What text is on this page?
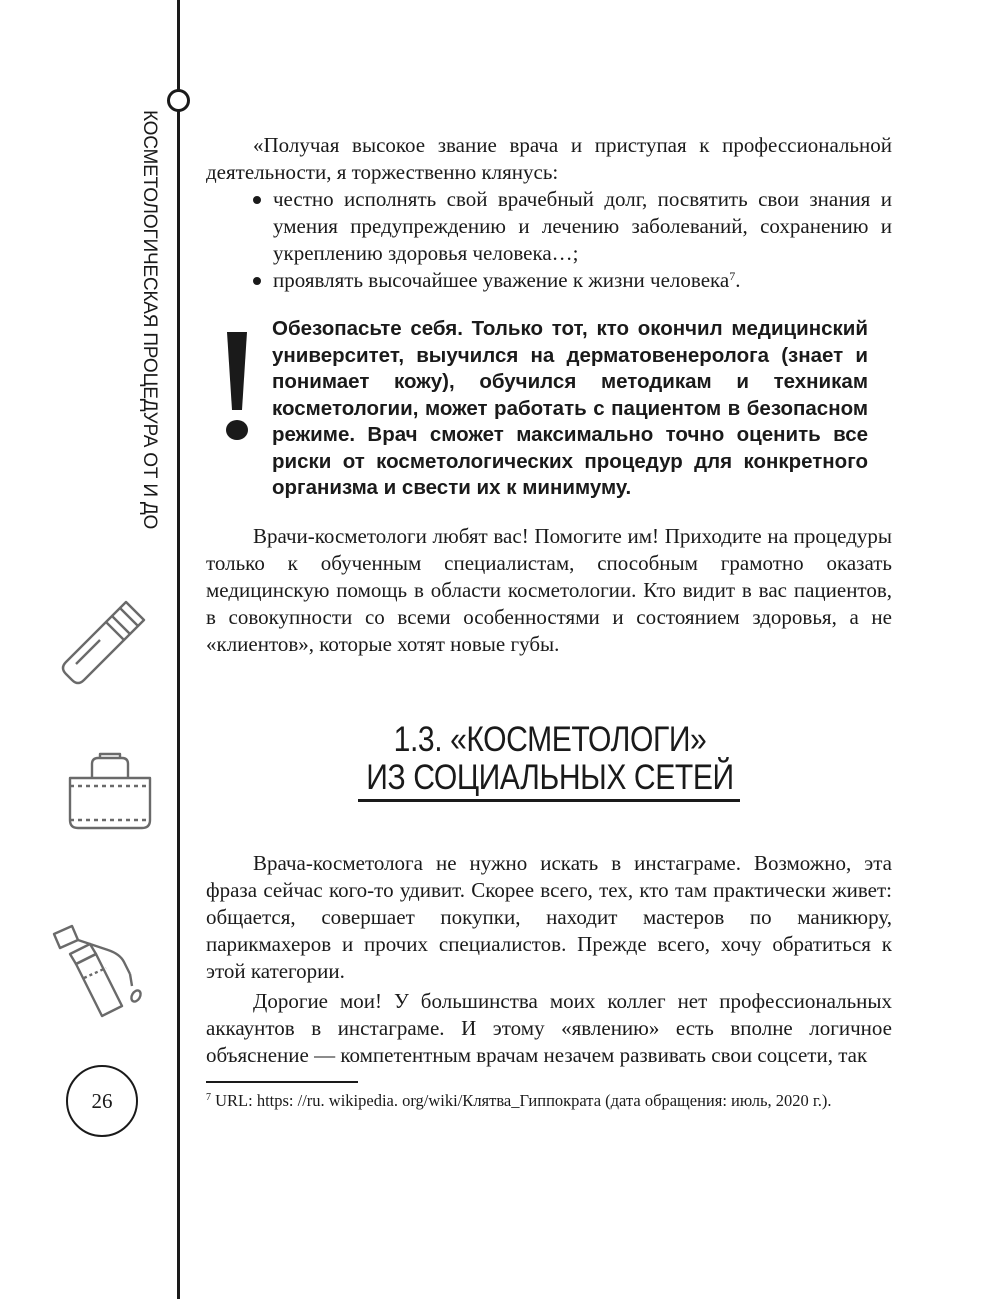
КОСМЕТОЛОГИЧЕСКАЯ ПРОЦЕДУРА ОТ И ДО
26
«Получая высокое звание врача и приступая к профессиональной деятельности, я торжественно клянусь:
честно исполнять свой врачебный долг, посвятить свои знания и умения предупреждению и лечению заболеваний, сохранению и укреплению здоровья человека…;
проявлять высочайшее уважение к жизни человека$^7$.
Обезопасьте себя. Только тот, кто окончил медицинский университет, выучился на дерматовенеролога (знает и понимает кожу), обучился методикам и техникам косметологии, может работать с пациентом в безопасном режиме. Врач сможет максимально точно оценить все риски от косметологических процедур для конкретного организма и свести их к минимуму.
Врачи-косметологи любят вас! Помогите им! Приходите на процедуры только к обученным специалистам, способным грамотно оказать медицинскую помощь в области косметологии. Кто видит в вас пациентов, в совокупности со всеми особенностями и состоянием здоровья, а не «клиентов», которые хотят новые губы.
1.3. «КОСМЕТОЛОГИ»
ИЗ СОЦИАЛЬНЫХ СЕТЕЙ
Врача-косметолога не нужно искать в инстаграме. Возможно, эта фраза сейчас кого-то удивит. Скорее всего, тех, кто там практически живет: общается, совершает покупки, находит мастеров по маникюру, парикмахеров и прочих специалистов. Прежде всего, хочу обратиться к этой категории.
Дорогие мои! У большинства моих коллег нет профессиональных аккаунтов в инстаграме. И этому «явлению» есть вполне логичное объяснение — компетентным врачам незачем развивать свои соцсети, так
$^7$ URL: https: //ru. wikipedia. org/wiki/Клятва_Гиппократа (дата обращения: июль, 2020 г.).
